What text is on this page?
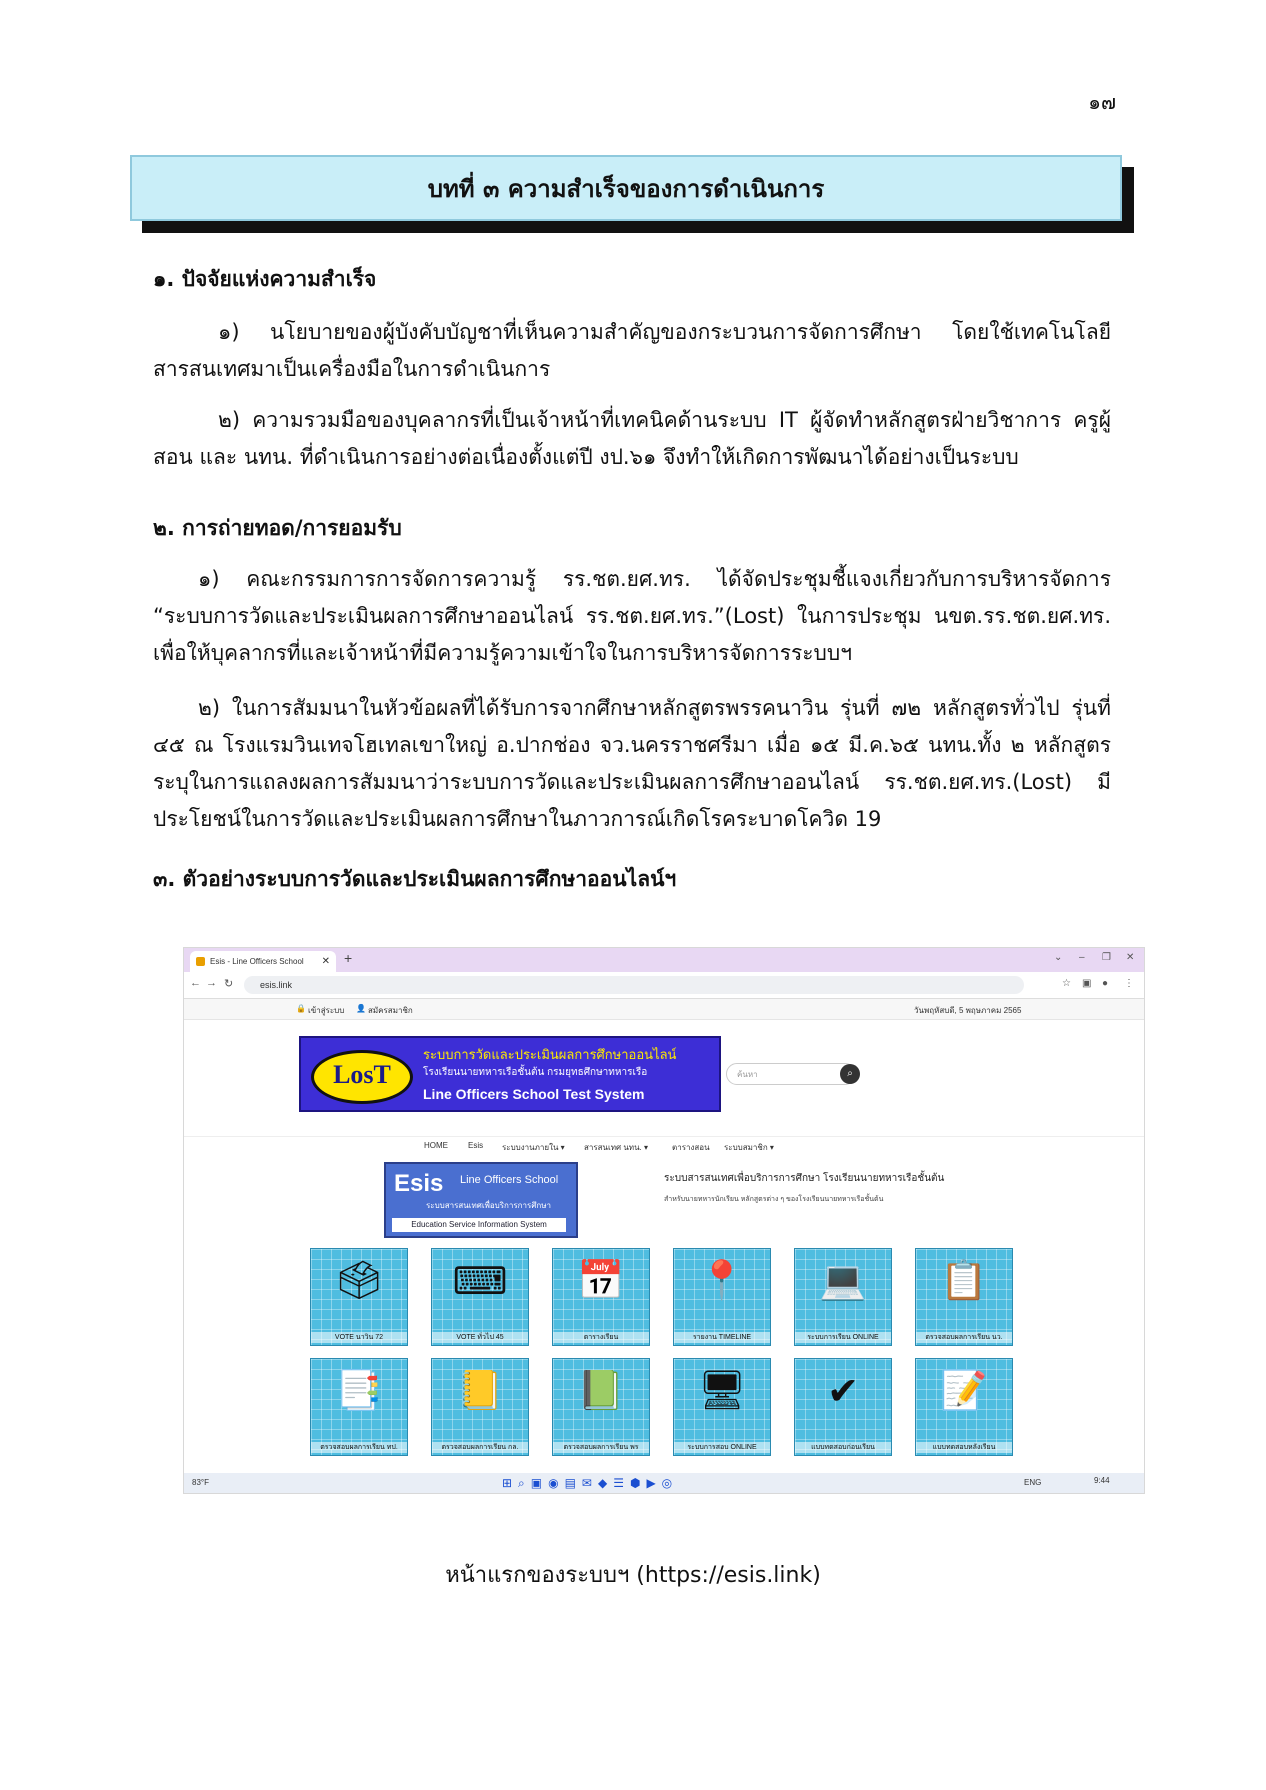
๑๗
บทที่ ๓ ความสำเร็จของการดำเนินการ
๑. ปัจจัยแห่งความสำเร็จ
๑) นโยบายของผู้บังคับบัญชาที่เห็นความสำคัญของกระบวนการจัดการศึกษา โดยใช้เทคโนโลยีสารสนเทศมาเป็นเครื่องมือในการดำเนินการ
๒) ความรวมมือของบุคลากรที่เป็นเจ้าหน้าที่เทคนิคด้านระบบ IT ผู้จัดทำหลักสูตรฝ่ายวิชาการ ครูผู้สอน และ นทน. ที่ดำเนินการอย่างต่อเนื่องตั้งแต่ปี งป.๖๑ จึงทำให้เกิดการพัฒนาได้อย่างเป็นระบบ
๒. การถ่ายทอด/การยอมรับ
๑) คณะกรรมการการจัดการความรู้ รร.ชต.ยศ.ทร. ได้จัดประชุมชี้แจงเกี่ยวกับการบริหารจัดการ “ระบบการวัดและประเมินผลการศึกษาออนไลน์ รร.ชต.ยศ.ทร.”(Lost) ในการประชุม นขต.รร.ชต.ยศ.ทร. เพื่อให้บุคลากรที่และเจ้าหน้าที่มีความรู้ความเข้าใจในการบริหารจัดการระบบฯ
๒) ในการสัมมนาในหัวข้อผลที่ได้รับการจากศึกษาหลักสูตรพรรคนาวิน รุ่นที่ ๗๒ หลักสูตรทั่วไป รุ่นที่ ๔๕ ณ โรงแรมวินเทจโฮเทลเขาใหญ่ อ.ปากช่อง จว.นครราชศรีมา เมื่อ ๑๕ มี.ค.๖๕ นทน.ทั้ง ๒ หลักสูตร ระบุในการแถลงผลการสัมมนาว่าระบบการวัดและประเมินผลการศึกษาออนไลน์ รร.ชต.ยศ.ทร.(Lost) มีประโยชน์ในการวัดและประเมินผลการศึกษาในภาวการณ์เกิดโรคระบาดโควิด 19
๓. ตัวอย่างระบบการวัดและประเมินผลการศึกษาออนไลน์ฯ
Esis - Line Officers School ✕ +	⌄ – ❐ ✕
← → ↻	esis.link	☆ ▣ ● ⋮
🔒 เข้าสู่ระบบ 👤 สมัครสมาชิก	วันพฤหัสบดี, 5 พฤษภาคม 2565
LosT
ระบบการวัดและประเมินผลการศึกษาออนไลน์
โรงเรียนนายทหารเรือชั้นต้น กรมยุทธศึกษาทหารเรือ
Line Officers School Test System
ค้นหา	⌕
HOME	Esis ระบบงานภายใน ▾ สารสนเทศ นทน. ▾	ตารางสอน ระบบสมาชิก ▾
Esis Line Officers School
ระบบสารสนเทศเพื่อบริการการศึกษา
Education Service Information System
ระบบสารสนเทศเพื่อบริการการศึกษา โรงเรียนนายทหารเรือชั้นต้น
สำหรับนายทหารนักเรียน หลักสูตรต่าง ๆ ของโรงเรียนนายทหารเรือชั้นต้น
🗳
VOTE นาวิน 72
⌨
VOTE ทั่วไป 45
📅
ตารางเรียน
📍
รายงาน TIMELINE
💻
ระบบการเรียน ONLINE
📋
ตรวจสอบผลการเรียน นว.
📑
ตรวจสอบผลการเรียน ทป.
📒
ตรวจสอบผลการเรียน กล.
📗
ตรวจสอบผลการเรียน พร
🖥
ระบบการสอบ ONLINE
✔
แบบทดสอบก่อนเรียน
📝
แบบทดสอบหลังเรียน
83°F	⊞⌕▣◉▤✉◆☰⬢▶◎	ENG	9:44
หน้าแรกของระบบฯ (https://esis.link)
